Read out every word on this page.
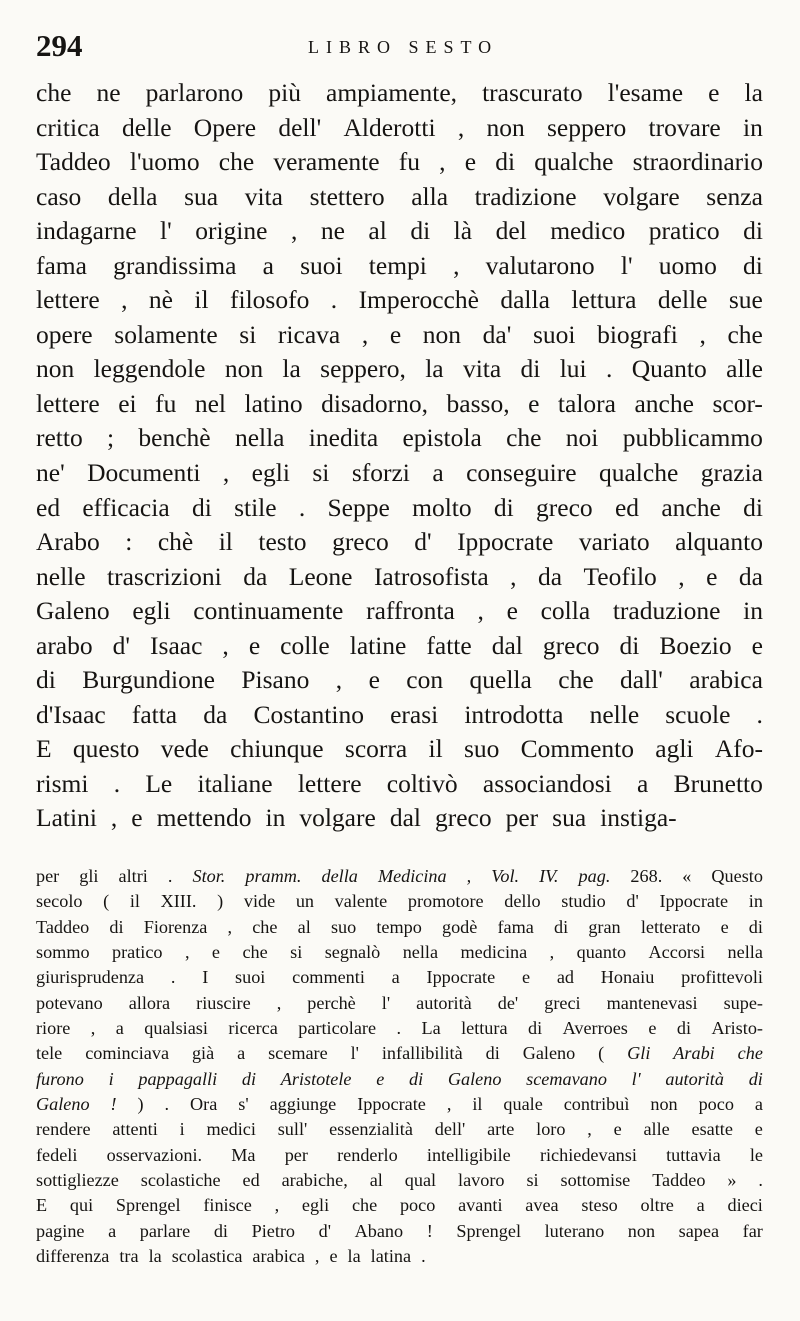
294	LIBRO SESTO
che ne parlarono più ampiamente, trascurato l'esame e la
critica delle Opere dell' Alderotti , non seppero trovare in
Taddeo l'uomo che veramente fu , e di qualche straordinario
caso della sua vita stettero alla tradizione volgare senza
indagarne l' origine , ne al di là del medico pratico di
fama grandissima a suoi tempi , valutarono l' uomo di
lettere , nè il filosofo . Imperocchè dalla lettura delle sue
opere solamente si ricava , e non da' suoi biografi , che
non leggendole non la seppero, la vita di lui . Quanto alle
lettere ei fu nel latino disadorno, basso, e talora anche scor-
retto ; benchè nella inedita epistola che noi pubblicammo
ne' Documenti , egli si sforzi a conseguire qualche grazia
ed efficacia di stile . Seppe molto di greco ed anche di
Arabo : chè il testo greco d' Ippocrate variato alquanto
nelle trascrizioni da Leone Iatrosofista , da Teofilo , e da
Galeno egli continuamente raffronta , e colla traduzione in
arabo d' Isaac , e colle latine fatte dal greco di Boezio e
di Burgundione Pisano , e con quella che dall' arabica
d'Isaac fatta da Costantino erasi introdotta nelle scuole .
E questo vede chiunque scorra il suo Commento agli Afo-
rismi . Le italiane lettere coltivò associandosi a Brunetto
Latini , e mettendo in volgare dal greco per sua instiga-
per gli altri . Stor. pramm. della Medicina , Vol. IV. pag. 268. « Questo
secolo ( il XIII. ) vide un valente promotore dello studio d' Ippocrate in
Taddeo di Fiorenza , che al suo tempo godè fama di gran letterato e di
sommo pratico , e che si segnalò nella medicina , quanto Accorsi nella
giurisprudenza . I suoi commenti a Ippocrate e ad Honaiu profittevoli
potevano allora riuscire , perchè l' autorità de' greci mantenevasi supe-
riore , a qualsiasi ricerca particolare . La lettura di Averroes e di Aristo-
tele cominciava già a scemare l' infallibilità di Galeno ( Gli Arabi che
furono i pappagalli di Aristotele e di Galeno scemavano l' autorità di
Galeno ! ) . Ora s' aggiunge Ippocrate , il quale contribuì non poco a
rendere attenti i medici sull' essenzialità dell' arte loro , e alle esatte e
fedeli osservazioni. Ma per renderlo intelligibile richiedevansi tuttavia le
sottigliezze scolastiche ed arabiche, al qual lavoro si sottomise Taddeo » .
E qui Sprengel finisce , egli che poco avanti avea steso oltre a dieci
pagine a parlare di Pietro d' Abano ! Sprengel luterano non sapea far
differenza tra la scolastica arabica , e la latina .
